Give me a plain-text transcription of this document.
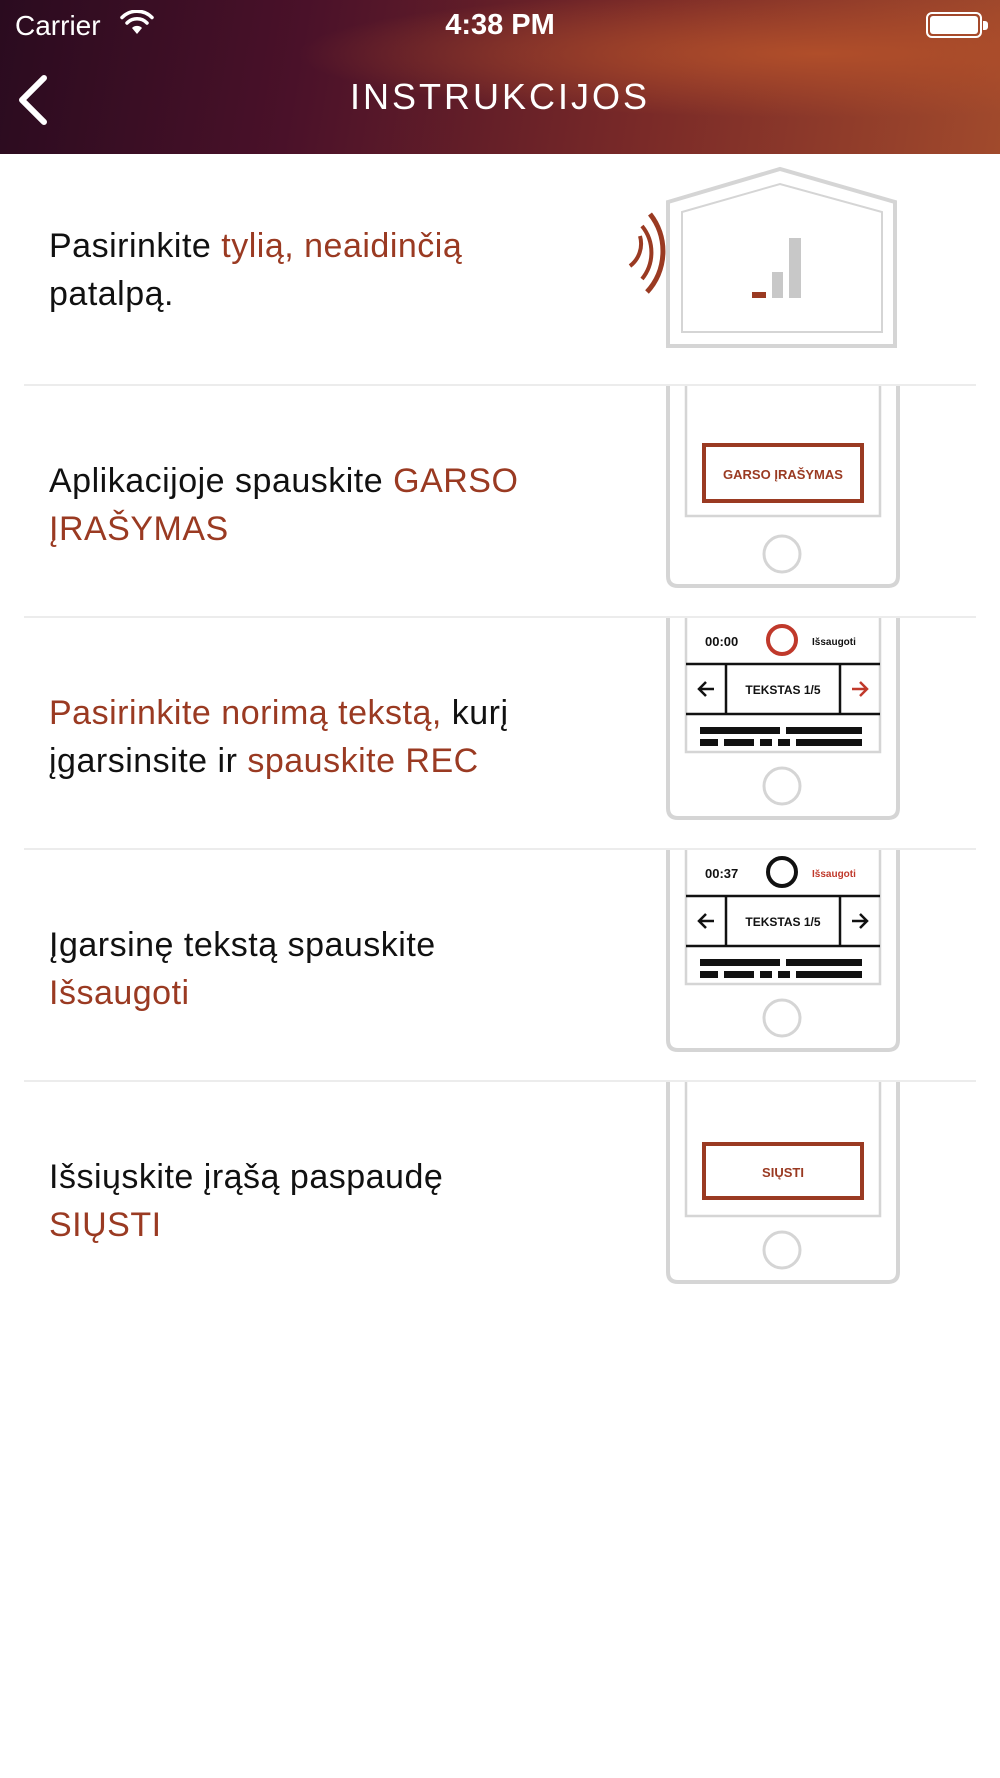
Carrier	4:38 PM
INSTRUKCIJOS
Pasirinkite tylią, neaidinčią
patalpą.
Aplikacijoje spauskite GARSO
ĮRAŠYMAS
GARSO ĮRAŠYMAS
Pasirinkite norimą tekstą, kurį
įgarsinsite ir spauskite REC
00:00	Išsaugoti
TEKSTAS 1/5
Įgarsinę tekstą spauskite
Išsaugoti
00:37	Išsaugoti
TEKSTAS 1/5
Išsiųskite įrąšą paspaudę
SIŲSTI
SIŲSTI
